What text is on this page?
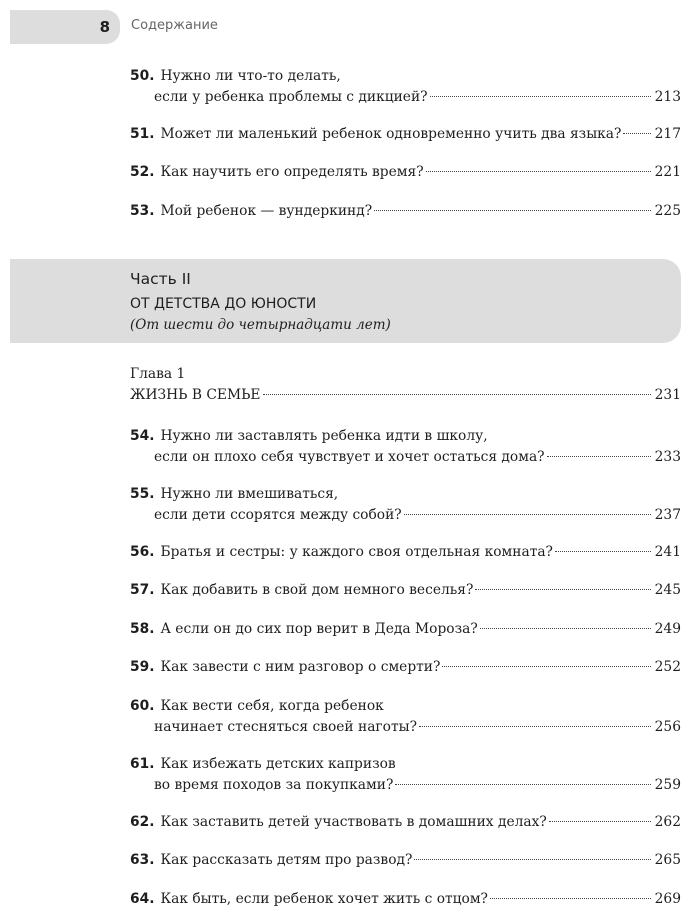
8 Содержание
50. Нужно ли что-то делать,
если у ребенка проблемы с дикцией?	213
51. Может ли маленький ребенок одновременно учить два языка? 217
52. Как научить его определять время?	221
53. Мой ребенок — вундеркинд?	225
Часть II
ОТ ДЕТСТВА ДО ЮНОСТИ
(От шести до четырнадцати лет)
Глава 1
ЖИЗНЬ В СЕМЬЕ	231
54. Нужно ли заставлять ребенка идти в школу,
если он плохо себя чувствует и хочет остаться дома?	233
55. Нужно ли вмешиваться,
если дети ссорятся между собой?	237
56. Братья и сестры: у каждого своя отдельная комната?	241
57. Как добавить в свой дом немного веселья?	245
58. А если он до сих пор верит в Деда Мороза?	249
59. Как завести с ним разговор о смерти?	252
60. Как вести себя, когда ребенок
начинает стесняться своей наготы?	256
61. Как избежать детских капризов
во время походов за покупками?	259
62. Как заставить детей участвовать в домашних делах?	262
63. Как рассказать детям про развод?	265
64. Как быть, если ребенок хочет жить с отцом?	269
